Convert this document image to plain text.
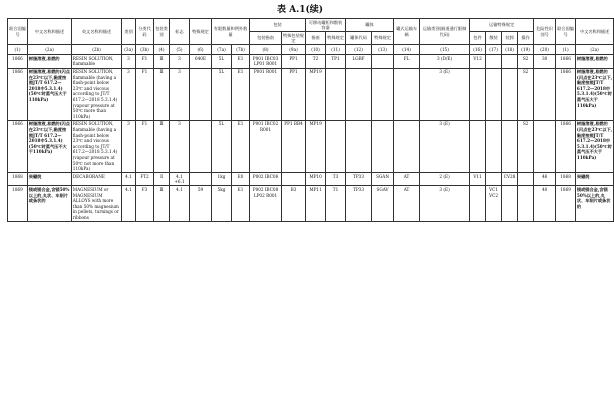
表 A.1(续)
联合国编号	中文名称和描述	英文名称和描述	类别	分类代码	包装类别	标志	特殊规定	有限数量和例外数量		包装		可移动罐柜和散装容器		罐体		罐式运输车辆	运输类别(隧道通行限制代码)	运输特殊规定				危险性识别号	联合国编号	中文名称和描述
										包装指南	特殊包装规定	指南	特殊规定	罐体代码	特殊规定			包件	散装	装卸	操作			
(1)	(2a)	(2b)	(3a)	(3b)	(4)	(5)	(6)	(7a)	(7b)	(8)	(9a)	(10)	(11)	(12)	(13)	(14)	(15)	(16)	(17)	(18)	(19)	(20)	(1)	(2a)
1866	树脂溶液,易燃的	RESIN SOLUTION, flammable	3	F1	Ⅲ	3	640E	5L	E1	P001 IBC03 LP01 R001	PP1	T2	TP1	LGBF		FL	3 (D/E)	V12			S2	30	1866	树脂溶液,易燃的
1866	树脂溶液,易燃的(闪点在23℃以下,黏度按照JT/T 617.2—2018中5.3.1.4)(50℃时蒸气压大于110kPa)	RESIN SOLUTION, flammable (having a flash-point below 23℃ and viscous according to JT/T 617.2—2018 5.3.1.4) (vapour pressure at 50℃ more than 110kPa)	3	F1	Ⅲ	3		5L	E1	P001 R001	PP1	MP19					3 (E)				S2		1866	树脂溶液,易燃的(闪点在23℃以下,黏度按照JT/T 617.2—2018中5.3.1.4)(50℃时蒸气压大于110kPa)
1866	树脂溶液,易燃的(闪点在23℃以下,黏度按照JT/T 617.2—2018中5.3.1.4)(50℃时蒸气压不大于110kPa)	RESIN SOLUTION, flammable (having a flash-point below 23℃ and viscous according to JT/T 617.2—2018 5.3.1.4) (vapour pressure at 50℃ not more than 110kPa)	3	F1	Ⅲ	3		5L	E1	P001 IBC02 R001	PP1 BB4	MP19					3 (E)				S2		1866	树脂溶液,易燃的(闪点在23℃以下,黏度按照JT/T 617.2—2018中5.3.1.4)(50℃时蒸气压不大于110kPa)
1868	癸硼烷	DECABORANE	4.1	FT2	Ⅱ	4.1 +6.1		1kg	E0	P002 IBC06		MP10	T3	TP33	SGAN	AT	2 (E)	V11		CV28		46	1868	癸硼烷
1869	镁或镁合金,含镁50%以上的,丸状、车削片或条状的	MAGNESIUM or MAGNESIUM ALLOYS with more than 50% magnesium in pellets, turnings or ribbons	4.1	F3	Ⅲ	4.1	59	5kg	E1	P002 IBC08 LP02 R001	B3	MP11	T1	TP33	SGAV	AT	3 (E)		VC1 VC2			40	1869	镁或镁合金,含镁50%以上的,丸状、车削片或条状的
